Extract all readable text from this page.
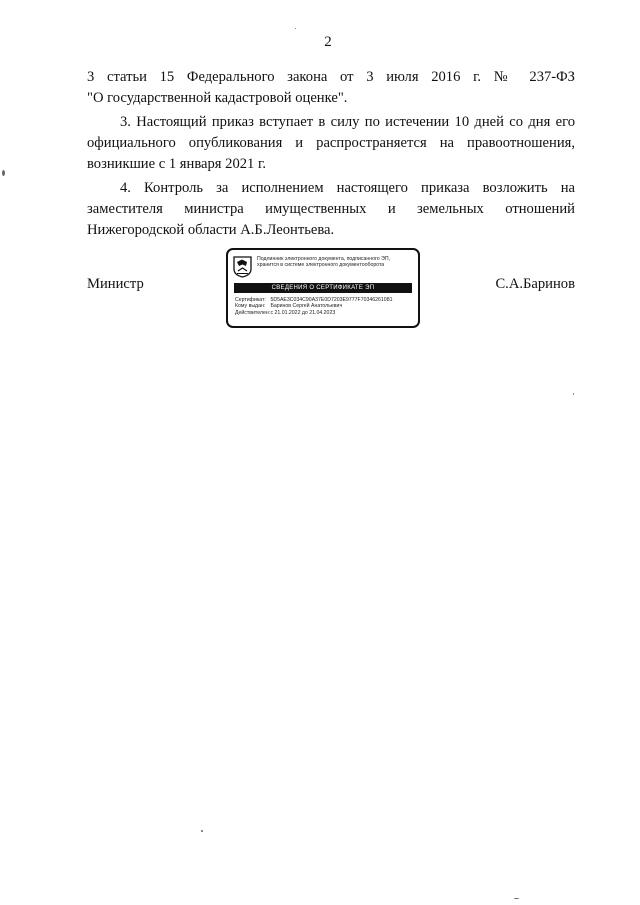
2

3 статьи 15 Федерального закона от 3 июля 2016 г. № 237-ФЗ

"О государственной кадастровой оценке".

3. Настоящий приказ вступает в силу по истечении 10 дней со дня его официального опубликования и распространяется на правоотношения, возникшие с 1 января 2021 г.

4. Контроль за исполнением настоящего приказа возложить на заместителя министра имущественных и земельных отношений Нижегородской области А.Б.Леонтьева.

Министр	С.А.Баринов
Подлинник электронного документа, подписанного ЭП,
хранится в системе электронного документооборота
СВЕДЕНИЯ О СЕРТИФИКАТЕ ЭП
Сертификат: 5D5AE3C034C90A37E0D7203E9777F70346261081
Кому выдан: Баринов Сергей Анатольевич
Действителен: с 21.01.2022 до 21.04.2023
